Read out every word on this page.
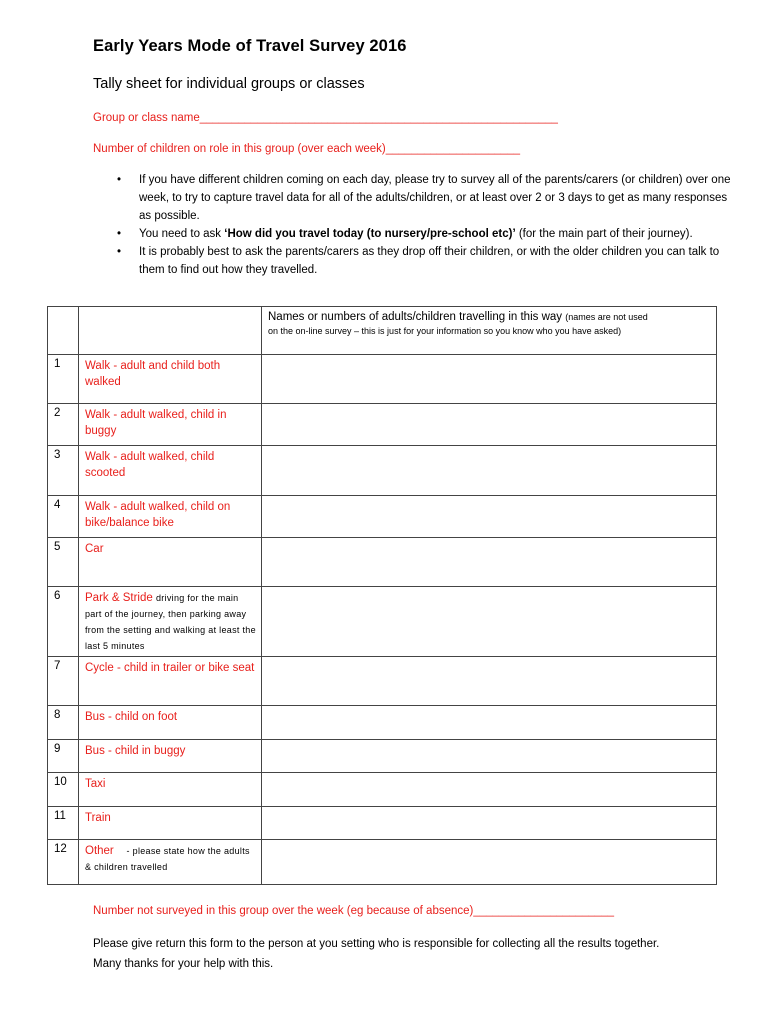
Early Years Mode of Travel Survey 2016
Tally sheet for individual groups or classes
Group or class name________________________________________________________
Number of children on role in this group (over each week)_____________________
• If you have different children coming on each day, please try to survey all of the parents/carers (or children) over one week, to try to capture travel data for all of the adults/children, or at least over 2 or 3 days to get as many responses as possible.
• You need to ask ‘How did you travel today (to nursery/pre-school etc)’ (for the main part of their journey).
• It is probably best to ask the parents/carers as they drop off their children, or with the older children you can talk to them to find out how they travelled.

		Names or numbers of adults/children travelling in this way (names are not used
on the on-line survey – this is just for your information so you know who you have asked)

1	Walk - adult and child both walked	
2	Walk - adult walked, child in buggy	
3	Walk - adult walked, child scooted	
4	Walk - adult walked, child on bike/balance bike	
5	Car	
6	Park & Stride driving for the main part of the journey, then parking away from the setting and walking at least the last 5 minutes	
7	Cycle - child in trailer or bike seat	
8	Bus - child on foot	
9	Bus - child in buggy	
10	Taxi	
11	Train	
12	Other - please state how the adults & children travelled	
Number not surveyed in this group over the week (eg because of absence)______________________
Please give return this form to the person at you setting who is responsible for collecting all the results together. Many thanks for your help with this.
